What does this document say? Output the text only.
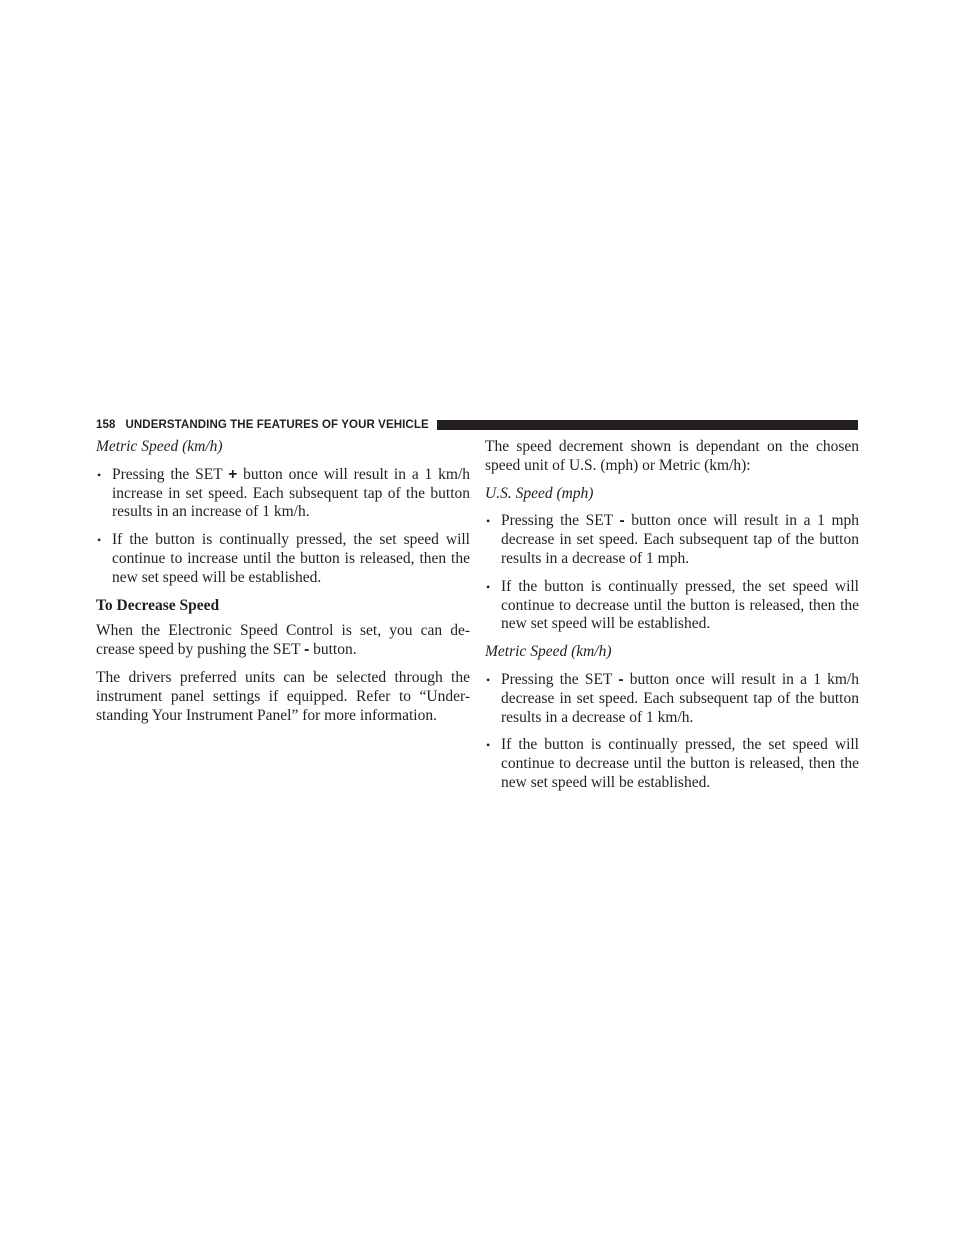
158 UNDERSTANDING THE FEATURES OF YOUR VEHICLE

Metric Speed (km/h)

• Pressing the SET + button once will result in a 1 km/h increase in set speed. Each subsequent tap of the button results in an increase of 1 km/h.
• If the button is continually pressed, the set speed will continue to increase until the button is released, then the new set speed will be established.

To Decrease Speed

When the Electronic Speed Control is set, you can de-crease speed by pushing the SET - button.

The drivers preferred units can be selected through the instrument panel settings if equipped. Refer to “Under-standing Your Instrument Panel” for more information.

The speed decrement shown is dependant on the chosen speed unit of U.S. (mph) or Metric (km/h):

U.S. Speed (mph)

• Pressing the SET - button once will result in a 1 mph decrease in set speed. Each subsequent tap of the button results in a decrease of 1 mph.
• If the button is continually pressed, the set speed will continue to decrease until the button is released, then the new set speed will be established.

Metric Speed (km/h)

• Pressing the SET - button once will result in a 1 km/h decrease in set speed. Each subsequent tap of the button results in a decrease of 1 km/h.
• If the button is continually pressed, the set speed will continue to decrease until the button is released, then the new set speed will be established.
